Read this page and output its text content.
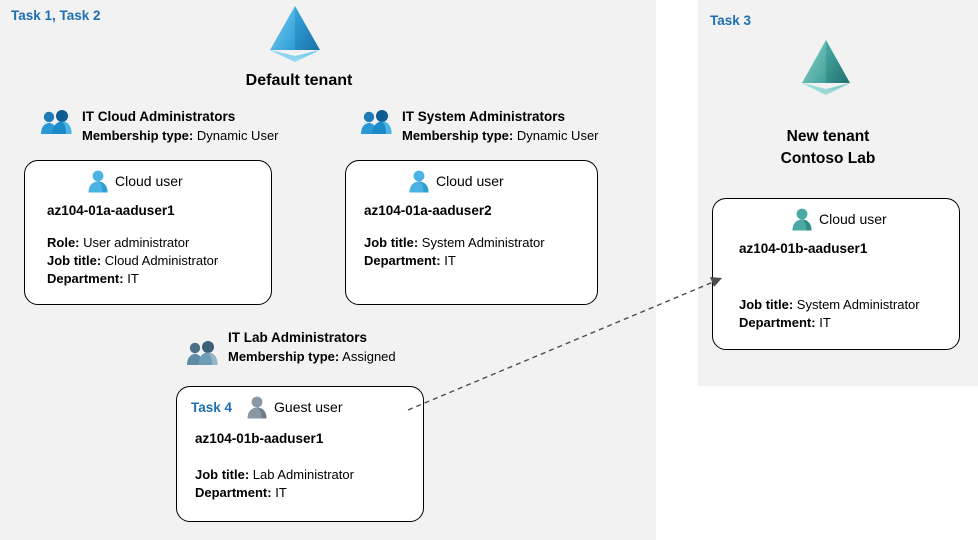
Task 1, Task 2	Task 3
Default tenant
New tenant
Contoso Lab
IT Cloud Administrators
Membership type: Dynamic User
Cloud user
az104-01a-aaduser1
Role: User administrator
Job title: Cloud Administrator
Department: IT
IT System Administrators
Membership type: Dynamic User
Cloud user
az104-01a-aaduser2
Job title: System Administrator
Department: IT
IT Lab Administrators
Membership type: Assigned
Task 4	Guest user
az104-01b-aaduser1
Job title: Lab Administrator
Department: IT
Cloud user
az104-01b-aaduser1
Job title: System Administrator
Department: IT
